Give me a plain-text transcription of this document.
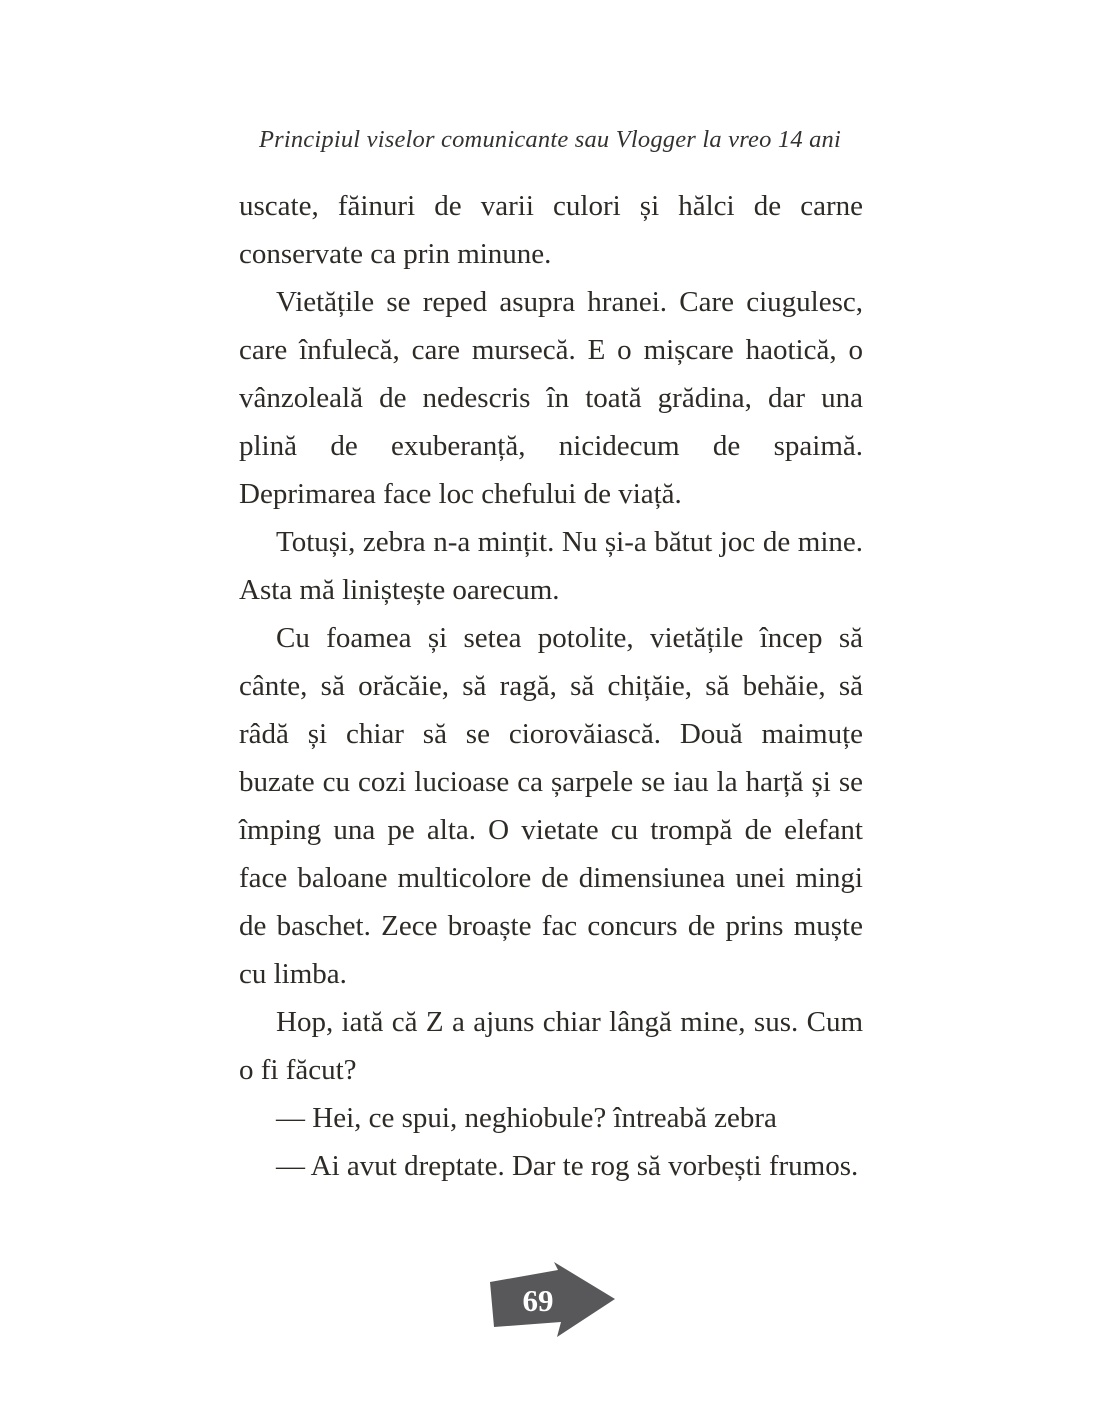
Principiul viselor comunicante sau Vlogger la vreo 14 ani

uscate, făinuri de varii culori și hălci de carne conservate ca prin minune.

Vietățile se reped asupra hranei. Care ciugulesc, care înfulecă, care mursecă. E o mișcare haotică, o vânzoleală de nedescris în toată grădina, dar una plină de exuberanță, nicidecum de spaimă. Deprimarea face loc chefului de viață.

Totuși, zebra n-a mințit. Nu și-a bătut joc de mine. Asta mă liniștește oarecum.

Cu foamea și setea potolite, vietățile încep să cânte, să orăcăie, să ragă, să chițăie, să behăie, să râdă și chiar să se ciorovăiască. Două maimuțe buzate cu cozi lucioase ca șarpele se iau la harță și se împing una pe alta. O vietate cu trompă de elefant face baloane multicolore de dimensiunea unei mingi de baschet. Zece broaște fac concurs de prins muște cu limba.

Hop, iată că Z a ajuns chiar lângă mine, sus. Cum o fi făcut?

— Hei, ce spui, neghiobule? întreabă zebra

— Ai avut dreptate. Dar te rog să vorbești frumos.

69
